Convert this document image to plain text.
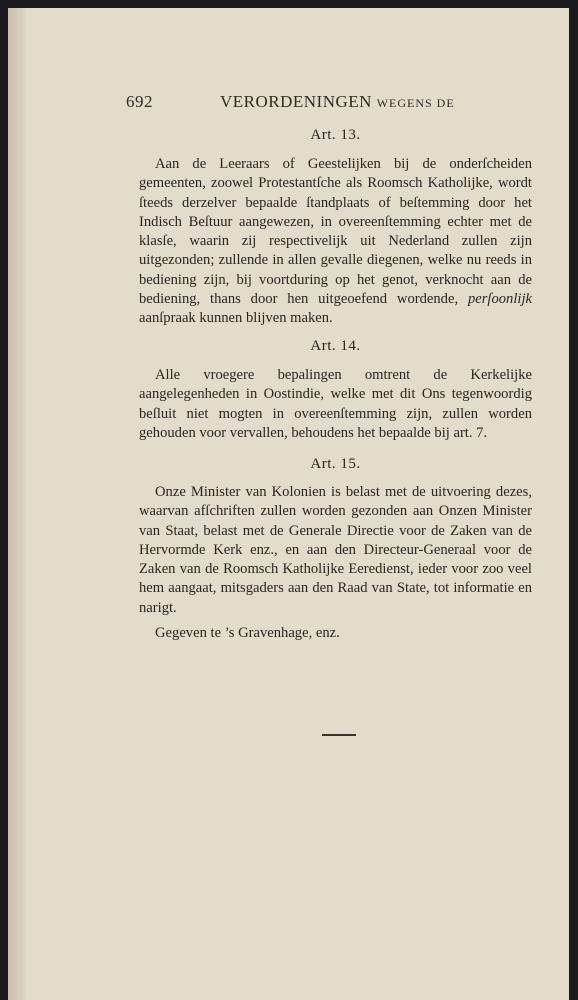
692	VERORDENINGEN WEGENS DE
Art. 13.
Aan de Leeraars of Geestelijken bij de onderſcheiden gemeenten, zoowel Protestantſche als Roomsch Katholijke, wordt ſteeds derzelver bepaalde ſtandplaats of beſtemming door het Indisch Beſtuur aangewezen, in overeenſtemming echter met de klasſe, waarin zij respectivelijk uit Nederland zullen zijn uitgezonden; zullende in allen gevalle diegenen, welke nu reeds in bediening zijn, bij voortduring op het genot, verknocht aan de bediening, thans door hen uitgeoefend wordende, perſoonlijk aanſpraak kunnen blijven maken.
Art. 14.
Alle vroegere bepalingen omtrent de Kerkelijke aangelegenheden in Oostindie, welke met dit Ons tegenwoordig beſluit niet mogten in overeenſtemming zijn, zullen worden gehouden voor vervallen, behoudens het bepaalde bij art. 7.
Art. 15.
Onze Minister van Kolonien is belast met de uitvoering dezes, waarvan afſchriften zullen worden gezonden aan Onzen Minister van Staat, belast met de Generale Directie voor de Zaken van de Hervormde Kerk enz., en aan den Directeur-Generaal voor de Zaken van de Roomsch Katholijke Eeredienst, ieder voor zoo veel hem aangaat, mitsgaders aan den Raad van State, tot informatie en narigt.
Gegeven te ’s Gravenhage, enz.
